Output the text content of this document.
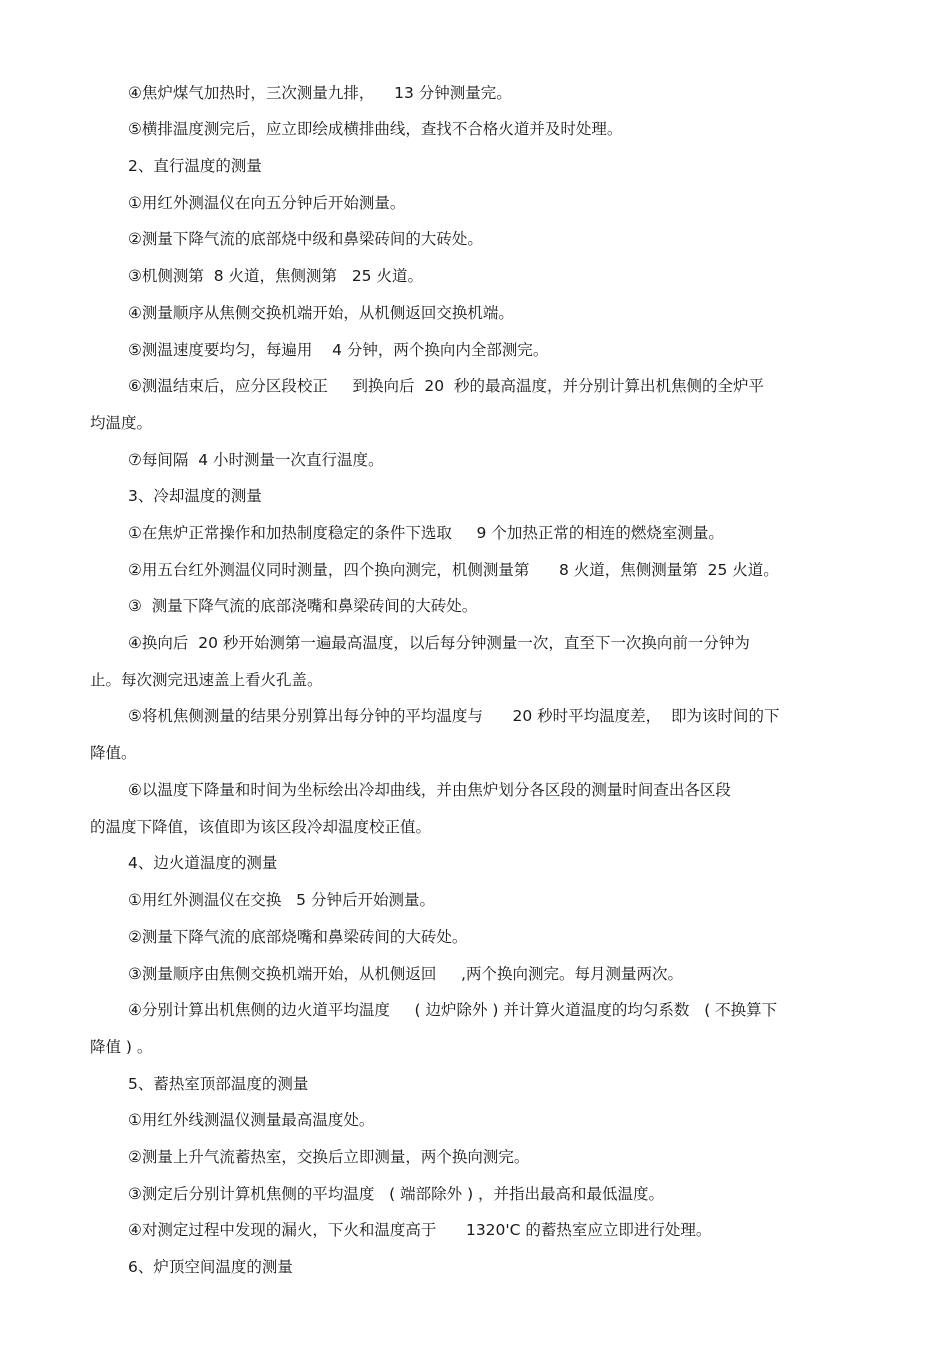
④焦炉煤气加热时，三次测量九排，    13 分钟测量完。
⑤横排温度测完后，应立即绘成横排曲线，查找不合格火道并及时处理。
2、直行温度的测量
①用红外测温仪在向五分钟后开始测量。
②测量下降气流的底部烧中级和鼻梁砖间的大砖处。
③机侧测第  8 火道，焦侧测第   25 火道。
④测量顺序从焦侧交换机端开始，从机侧返回交换机端。
⑤测温速度要均匀，每遍用    4 分钟，两个换向内全部测完。
⑥测温结束后，应分区段校正     到换向后  20  秒的最高温度，并分别计算出机焦侧的全炉平
均温度。
⑦每间隔  4 小时测量一次直行温度。
3、冷却温度的测量
①在焦炉正常操作和加热制度稳定的条件下选取     9 个加热正常的相连的燃烧室测量。
②用五台红外测温仪同时测量，四个换向测完，机侧测量第      8 火道，焦侧测量第  25 火道。
③  测量下降气流的底部浇嘴和鼻梁砖间的大砖处。
④换向后  20 秒开始测第一遍最高温度，以后每分钟测量一次，直至下一次换向前一分钟为
止。每次测完迅速盖上看火孔盖。
⑤将机焦侧测量的结果分别算出每分钟的平均温度与      20 秒时平均温度差，  即为该时间的下
降值。
⑥以温度下降量和时间为坐标绘出冷却曲线，并由焦炉划分各区段的测量时间查出各区段
的温度下降值，该值即为该区段冷却温度校正值。
4、边火道温度的测量
①用红外测温仪在交换   5 分钟后开始测量。
②测量下降气流的底部烧嘴和鼻梁砖间的大砖处。
③测量顺序由焦侧交换机端开始，从机侧返回     ,两个换向测完。每月测量两次。
④分别计算出机焦侧的边火道平均温度     ( 边炉除外 ) 并计算火道温度的均匀系数   ( 不换算下
降值 ) 。
5、蓄热室顶部温度的测量
①用红外线测温仪测量最高温度处。
②测量上升气流蓄热室，交换后立即测量，两个换向测完。
③测定后分别计算机焦侧的平均温度   ( 端部除外 ) ，并指出最高和最低温度。
④对测定过程中发现的漏火，下火和温度高于      1320'C 的蓄热室应立即进行处理。
6、炉顶空间温度的测量
